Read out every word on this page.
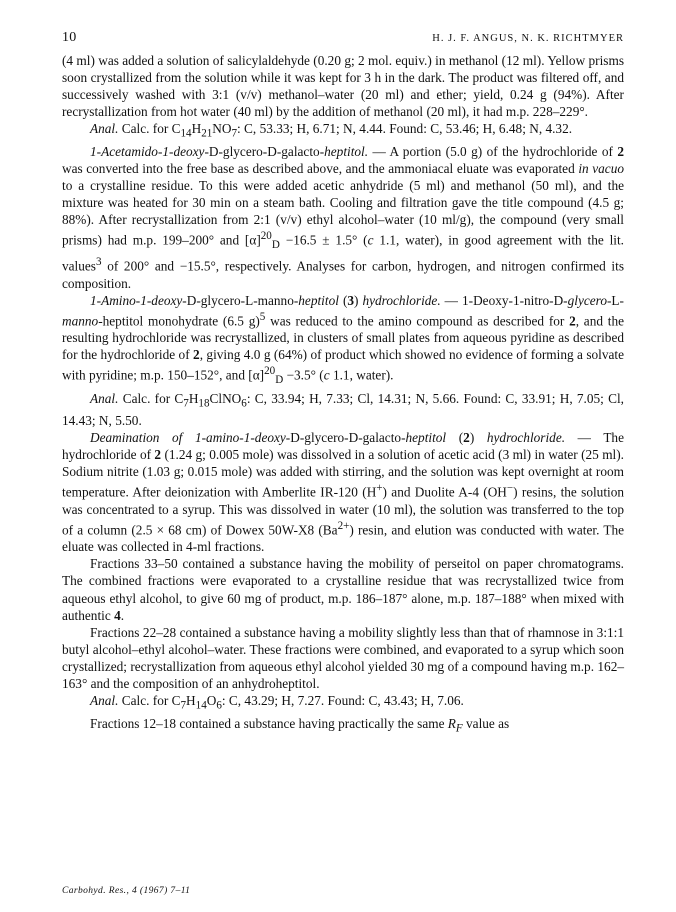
10	H. J. F. ANGUS, N. K. RICHTMYER

(4 ml) was added a solution of salicylaldehyde (0.20 g; 2 mol. equiv.) in methanol (12 ml). Yellow prisms soon crystallized from the solution while it was kept for 3 h in the dark. The product was filtered off, and successively washed with 3:1 (v/v) methanol–water (20 ml) and ether; yield, 0.24 g (94%). After recrystallization from hot water (40 ml) by the addition of methanol (20 ml), it had m.p. 228–229°.

Anal. Calc. for $C_{14}H_{21}NO_7$: C, 53.33; H, 6.71; N, 4.44. Found: C, 53.46; H, 6.48; N, 4.32.

1-Acetamido-1-deoxy-D-glycero-D-galacto-heptitol. — A portion (5.0 g) of the hydrochloride of 2 was converted into the free base as described above, and the ammoniacal eluate was evaporated in vacuo to a crystalline residue. To this were added acetic anhydride (5 ml) and methanol (50 ml), and the mixture was heated for 30 min on a steam bath. Cooling and filtration gave the title compound (4.5 g; 88%). After recrystallization from 2:1 (v/v) ethyl alcohol–water (10 ml/g), the compound (very small prisms) had m.p. 199–200° and $[\alpha]^{20}_D -16.5 \pm 1.5^\circ$ (c 1.1, water), in good agreement with the lit. values$^3$ of 200° and −15.5°, respectively. Analyses for carbon, hydrogen, and nitrogen confirmed its composition.

1-Amino-1-deoxy-D-glycero-L-manno-heptitol (3) hydrochloride. — 1-Deoxy-1-nitro-D-glycero-L-manno-heptitol monohydrate (6.5 g)$^5$ was reduced to the amino compound as described for 2, and the resulting hydrochloride was recrystallized, in clusters of small plates from aqueous pyridine as described for the hydrochloride of 2, giving 4.0 g (64%) of product which showed no evidence of forming a solvate with pyridine; m.p. 150–152°, and $[\alpha]^{20}_D -3.5^\circ$ (c 1.1, water).

Anal. Calc. for $C_7H_{18}ClNO_6$: C, 33.94; H, 7.33; Cl, 14.31; N, 5.66. Found: C, 33.91; H, 7.05; Cl, 14.43; N, 5.50.

Deamination of 1-amino-1-deoxy-D-glycero-D-galacto-heptitol (2) hydrochloride. — The hydrochloride of 2 (1.24 g; 0.005 mole) was dissolved in a solution of acetic acid (3 ml) in water (25 ml). Sodium nitrite (1.03 g; 0.015 mole) was added with stirring, and the solution was kept overnight at room temperature. After deionization with Amberlite IR-120 (H+) and Duolite A-4 (OH−) resins, the solution was concentrated to a syrup. This was dissolved in water (10 ml), the solution was transferred to the top of a column (2.5 × 68 cm) of Dowex 50W-X8 $(Ba^{2+})$ resin, and elution was conducted with water. The eluate was collected in 4-ml fractions.

Fractions 33–50 contained a substance having the mobility of perseitol on paper chromatograms. The combined fractions were evaporated to a crystalline residue that was recrystallized twice from aqueous ethyl alcohol, to give 60 mg of product, m.p. 186–187° alone, m.p. 187–188° when mixed with authentic 4.

Fractions 22–28 contained a substance having a mobility slightly less than that of rhamnose in 3:1:1 butyl alcohol–ethyl alcohol–water. These fractions were combined, and evaporated to a syrup which soon crystallized; recrystallization from aqueous ethyl alcohol yielded 30 mg of a compound having m.p. 162–163° and the composition of an anhydroheptitol.

Anal. Calc. for $C_7H_{14}O_6$: C, 43.29; H, 7.27. Found: C, 43.43; H, 7.06.

Fractions 12–18 contained a substance having practically the same $R_F$ value as

Carbohyd. Res., 4 (1967) 7–11
